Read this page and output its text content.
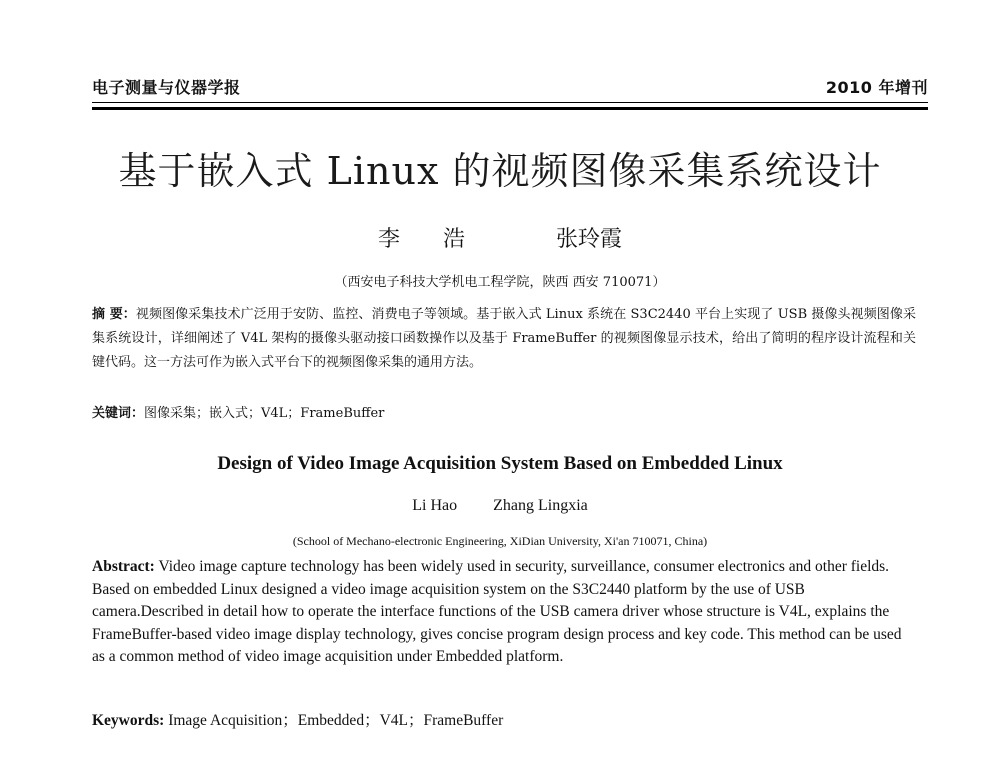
电子测量与仪器学报	2010 年增刊
基于嵌入式 Linux 的视频图像采集系统设计
李 浩	张玲霞
（西安电子科技大学机电工程学院，陕西 西安 710071）
摘 要：视频图像采集技术广泛用于安防、监控、消费电子等领域。基于嵌入式 Linux 系统在 S3C2440 平台上实现了 USB 摄像头视频图像采集系统设计，详细阐述了 V4L 架构的摄像头驱动接口函数操作以及基于 FrameBuffer 的视频图像显示技术，给出了简明的程序设计流程和关键代码。这一方法可作为嵌入式平台下的视频图像采集的通用方法。
关键词：图像采集；嵌入式；V4L；FrameBuffer
Design of Video Image Acquisition System Based on Embedded Linux
Li Hao Zhang Lingxia
(School of Mechano-electronic Engineering, XiDian University, Xi'an 710071, China)
Abstract: Video image capture technology has been widely used in security, surveillance, consumer electronics and other fields. Based on embedded Linux designed a video image acquisition system on the S3C2440 platform by the use of USB camera.Described in detail how to operate the interface functions of the USB camera driver whose structure is V4L, explains the FrameBuffer-based video image display technology, gives concise program design process and key code. This method can be used as a common method of video image acquisition under Embedded platform.
Keywords: Image Acquisition；Embedded；V4L；FrameBuffer
